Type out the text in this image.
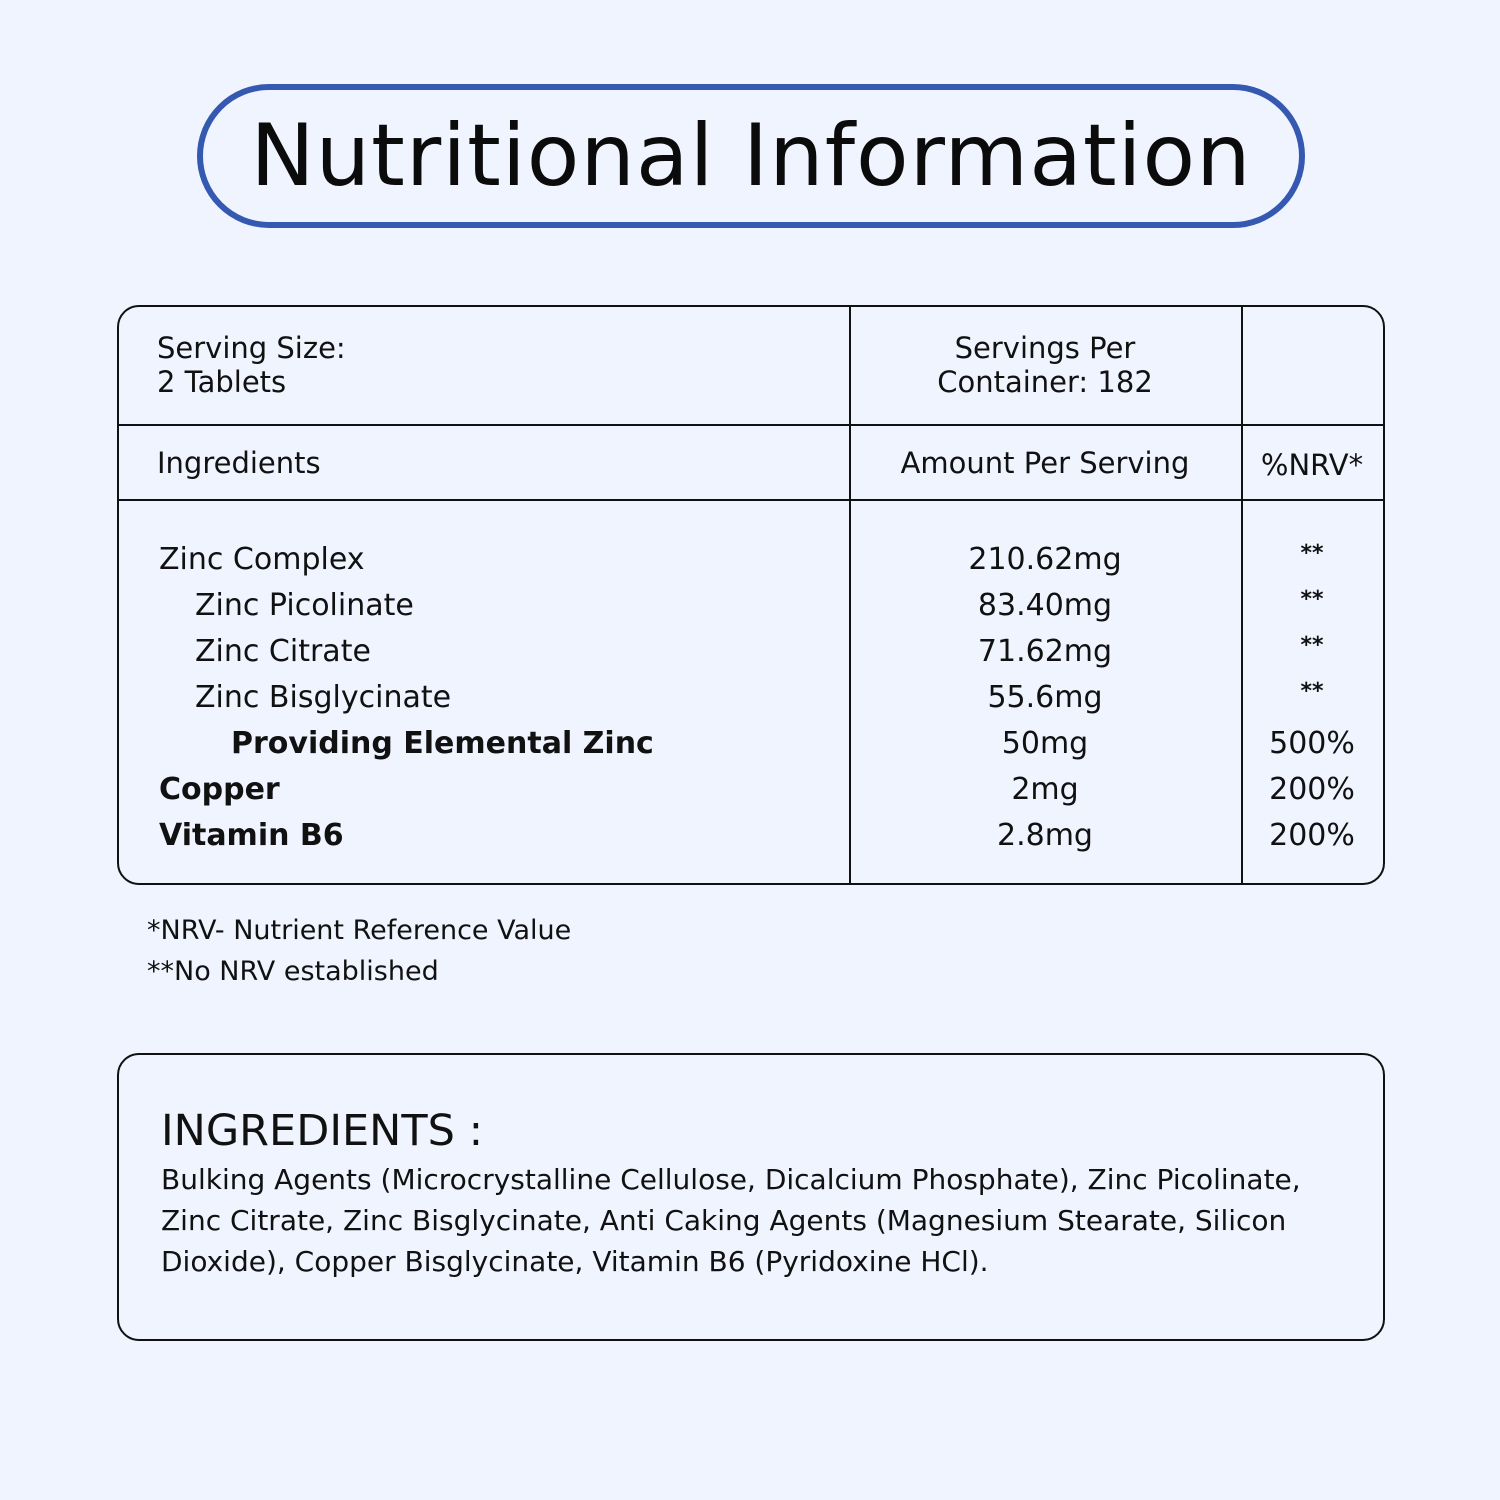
Nutritional Information
Serving Size:
2 Tablets
Servings Per
Container: 182
Ingredients	Amount Per Serving	%NRV*
Zinc Complex	210.62mg	**
Zinc Picolinate	83.40mg	**
Zinc Citrate	71.62mg	**
Zinc Bisglycinate	55.6mg	**
Providing Elemental Zinc	50mg	500%
Copper	2mg	200%
Vitamin B6	2.8mg	200%
*NRV- Nutrient Reference Value
**No NRV established
INGREDIENTS :
Bulking Agents (Microcrystalline Cellulose, Dicalcium Phosphate), Zinc Picolinate, Zinc Citrate, Zinc Bisglycinate, Anti Caking Agents (Magnesium Stearate, Silicon Dioxide), Copper Bisglycinate, Vitamin B6 (Pyridoxine HCl).
